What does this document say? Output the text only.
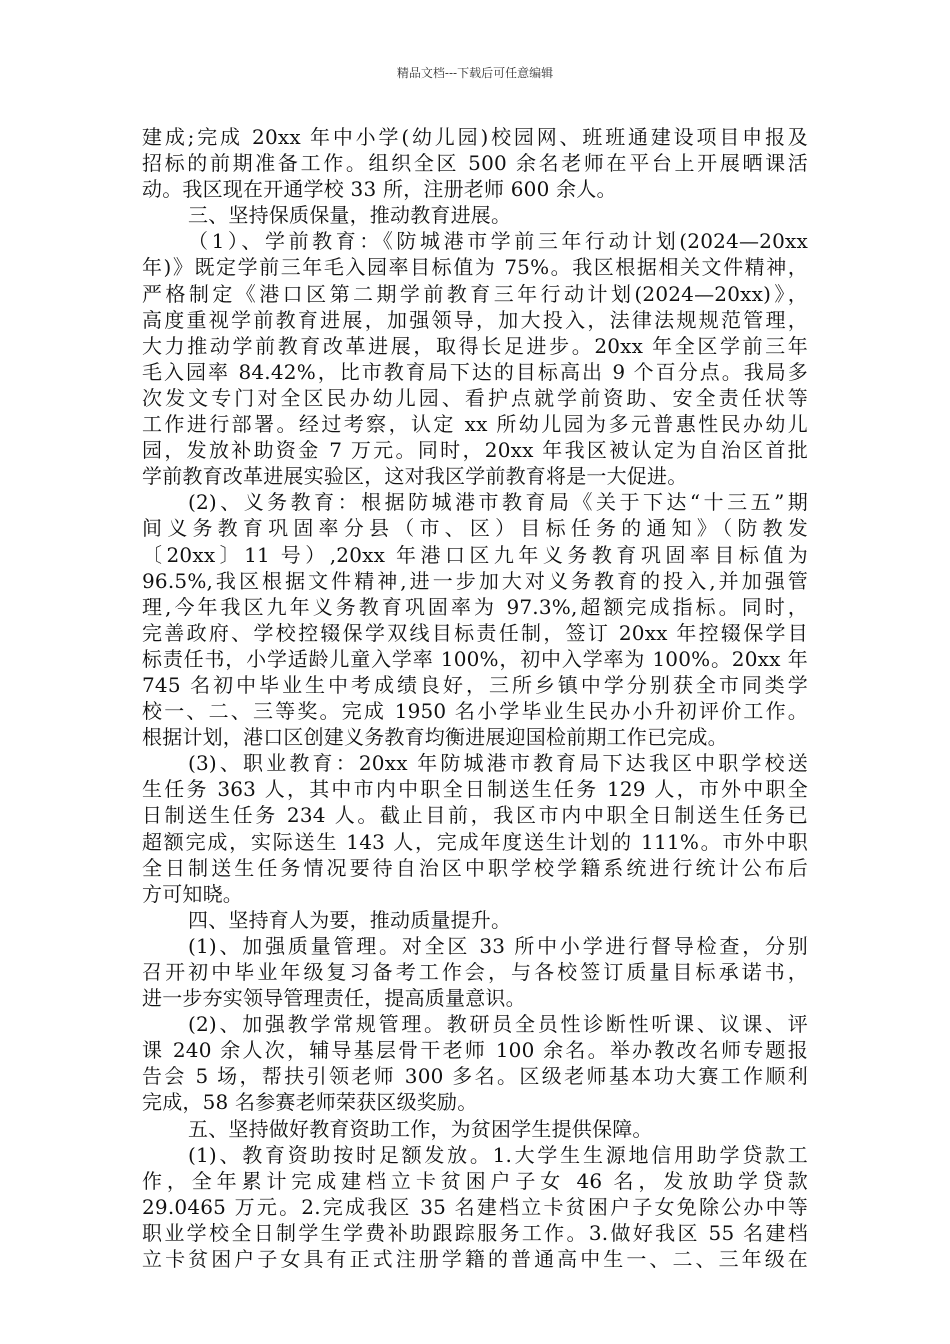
精品文档---下载后可任意编辑
建成;完成 20xx 年中小学(幼儿园)校园网、班班通建设项目申报及
招标的前期准备工作。组织全区 500 余名老师在平台上开展晒课活
动。我区现在开通学校 33 所，注册老师 600 余人。
三、坚持保质保量，推动教育进展。
（1）、学前教育：《防城港市学前三年行动计划(2024—20xx
年)》既定学前三年毛入园率目标值为 75%。我区根据相关文件精神，
严格制定《港口区第二期学前教育三年行动计划(2024—20xx)》，
高度重视学前教育进展，加强领导，加大投入，法律法规规范管理，
大力推动学前教育改革进展，取得长足进步。20xx 年全区学前三年
毛入园率 84.42%，比市教育局下达的目标高出 9 个百分点。我局多
次发文专门对全区民办幼儿园、看护点就学前资助、安全责任状等
工作进行部署。经过考察，认定 xx 所幼儿园为多元普惠性民办幼儿
园，发放补助资金 7 万元。同时，20xx 年我区被认定为自治区首批
学前教育改革进展实验区，这对我区学前教育将是一大促进。
(2)、义务教育：根据防城港市教育局《关于下达“十三五”期
间义务教育巩固率分县（市、区）目标任务的通知》（防教发
〔20xx〕11 号）,20xx 年港口区九年义务教育巩固率目标值为
96.5%,我区根据文件精神,进一步加大对义务教育的投入,并加强管
理,今年我区九年义务教育巩固率为 97.3%,超额完成指标。同时，
完善政府、学校控辍保学双线目标责任制，签订 20xx 年控辍保学目
标责任书，小学适龄儿童入学率 100%，初中入学率为 100%。20xx 年
745 名初中毕业生中考成绩良好，三所乡镇中学分别获全市同类学
校一、二、三等奖。完成 1950 名小学毕业生民办小升初评价工作。
根据计划，港口区创建义务教育均衡进展迎国检前期工作已完成。
(3)、职业教育：20xx 年防城港市教育局下达我区中职学校送
生任务 363 人，其中市内中职全日制送生任务 129 人，市外中职全
日制送生任务 234 人。截止目前，我区市内中职全日制送生任务已
超额完成，实际送生 143 人，完成年度送生计划的 111%。市外中职
全日制送生任务情况要待自治区中职学校学籍系统进行统计公布后
方可知晓。
四、坚持育人为要，推动质量提升。
(1)、加强质量管理。对全区 33 所中小学进行督导检查，分别
召开初中毕业年级复习备考工作会，与各校签订质量目标承诺书，
进一步夯实领导管理责任，提高质量意识。
(2)、加强教学常规管理。教研员全员性诊断性听课、议课、评
课 240 余人次，辅导基层骨干老师 100 余名。举办教改名师专题报
告会 5 场，帮扶引领老师 300 多名。区级老师基本功大赛工作顺利
完成，58 名参赛老师荣获区级奖励。
五、坚持做好教育资助工作，为贫困学生提供保障。
(1)、教育资助按时足额发放。1.大学生生源地信用助学贷款工
作，全年累计完成建档立卡贫困户子女 46 名，发放助学贷款
29.0465 万元。2.完成我区 35 名建档立卡贫困户子女免除公办中等
职业学校全日制学生学费补助跟踪服务工作。3.做好我区 55 名建档
立卡贫困户子女具有正式注册学籍的普通高中生一、二、三年级在
